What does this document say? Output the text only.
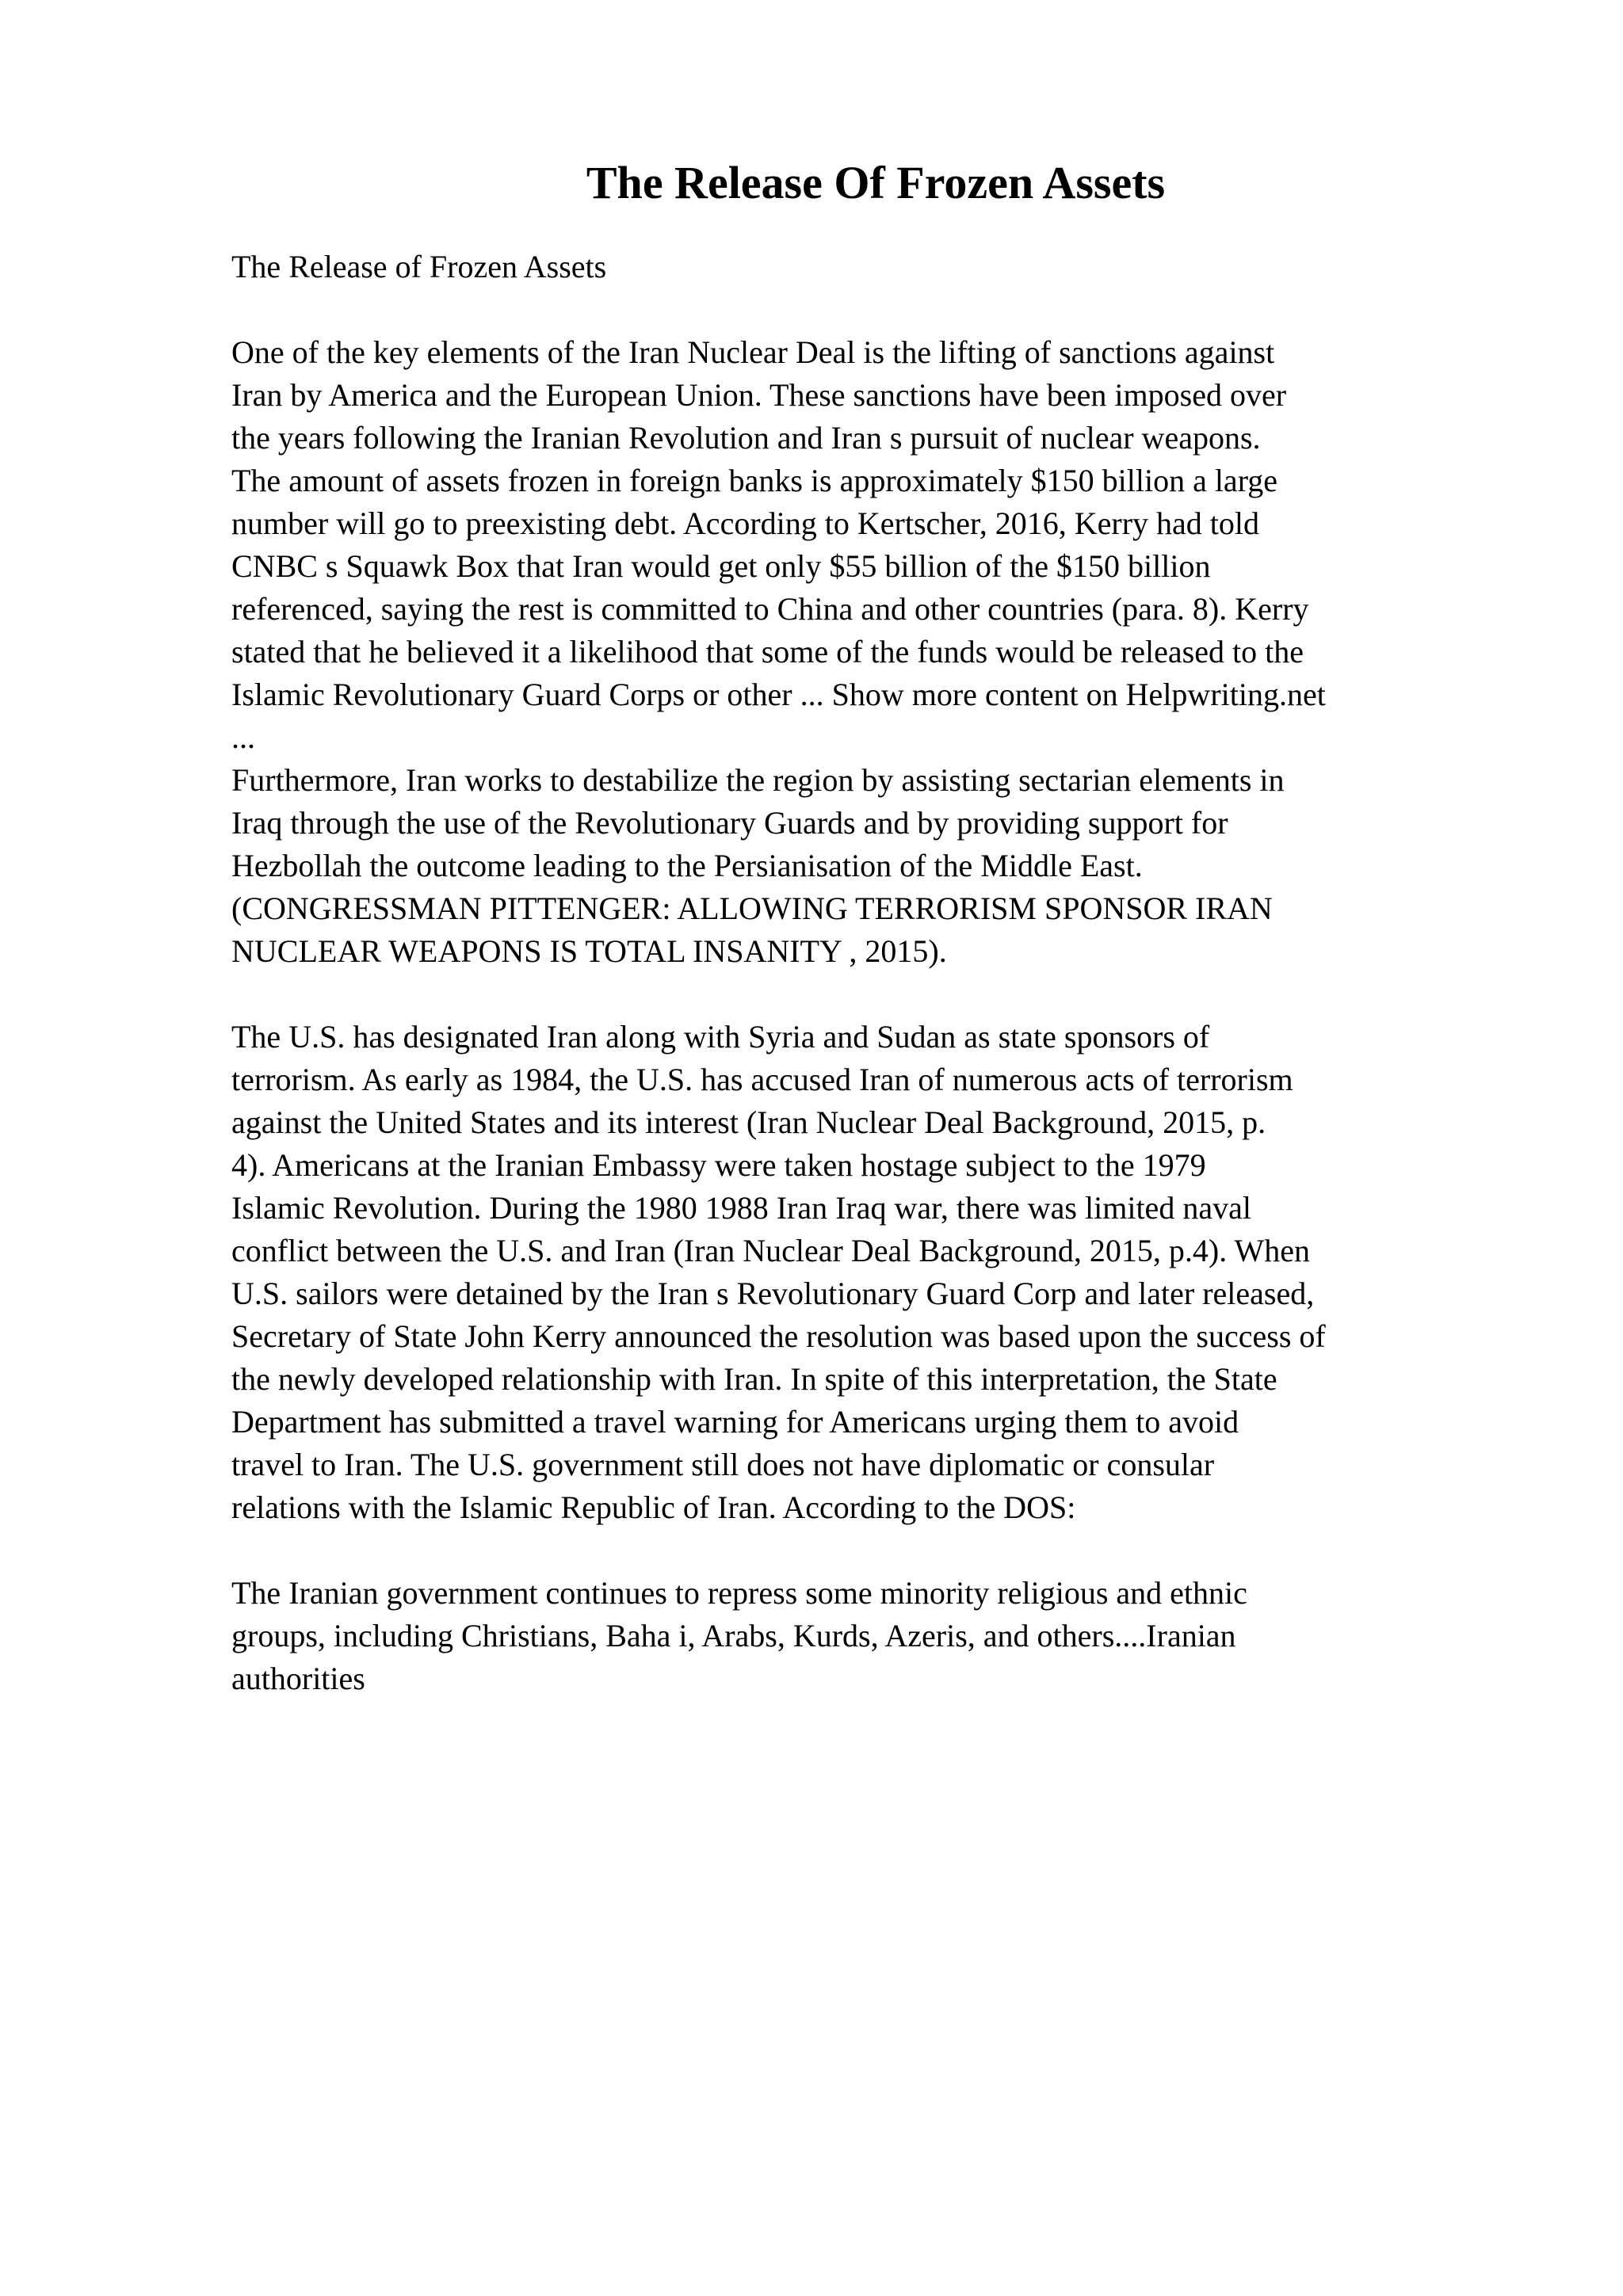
The Release Of Frozen Assets
The Release of Frozen Assets
One of the key elements of the Iran Nuclear Deal is the lifting of sanctions against
Iran by America and the European Union. These sanctions have been imposed over
the years following the Iranian Revolution and Iran s pursuit of nuclear weapons.
The amount of assets frozen in foreign banks is approximately $150 billion a large
number will go to preexisting debt. According to Kertscher, 2016, Kerry had told
CNBC s Squawk Box that Iran would get only $55 billion of the $150 billion
referenced, saying the rest is committed to China and other countries (para. 8). Kerry
stated that he believed it a likelihood that some of the funds would be released to the
Islamic Revolutionary Guard Corps or other ... Show more content on Helpwriting.net
...
Furthermore, Iran works to destabilize the region by assisting sectarian elements in
Iraq through the use of the Revolutionary Guards and by providing support for
Hezbollah the outcome leading to the Persianisation of the Middle East.
(CONGRESSMAN PITTENGER: ALLOWING TERRORISM SPONSOR IRAN
NUCLEAR WEAPONS IS TOTAL INSANITY , 2015).
The U.S. has designated Iran along with Syria and Sudan as state sponsors of
terrorism. As early as 1984, the U.S. has accused Iran of numerous acts of terrorism
against the United States and its interest (Iran Nuclear Deal Background, 2015, p.
4). Americans at the Iranian Embassy were taken hostage subject to the 1979
Islamic Revolution. During the 1980 1988 Iran Iraq war, there was limited naval
conflict between the U.S. and Iran (Iran Nuclear Deal Background, 2015, p.4). When
U.S. sailors were detained by the Iran s Revolutionary Guard Corp and later released,
Secretary of State John Kerry announced the resolution was based upon the success of
the newly developed relationship with Iran. In spite of this interpretation, the State
Department has submitted a travel warning for Americans urging them to avoid
travel to Iran. The U.S. government still does not have diplomatic or consular
relations with the Islamic Republic of Iran. According to the DOS:
The Iranian government continues to repress some minority religious and ethnic
groups, including Christians, Baha i, Arabs, Kurds, Azeris, and others....Iranian
authorities
